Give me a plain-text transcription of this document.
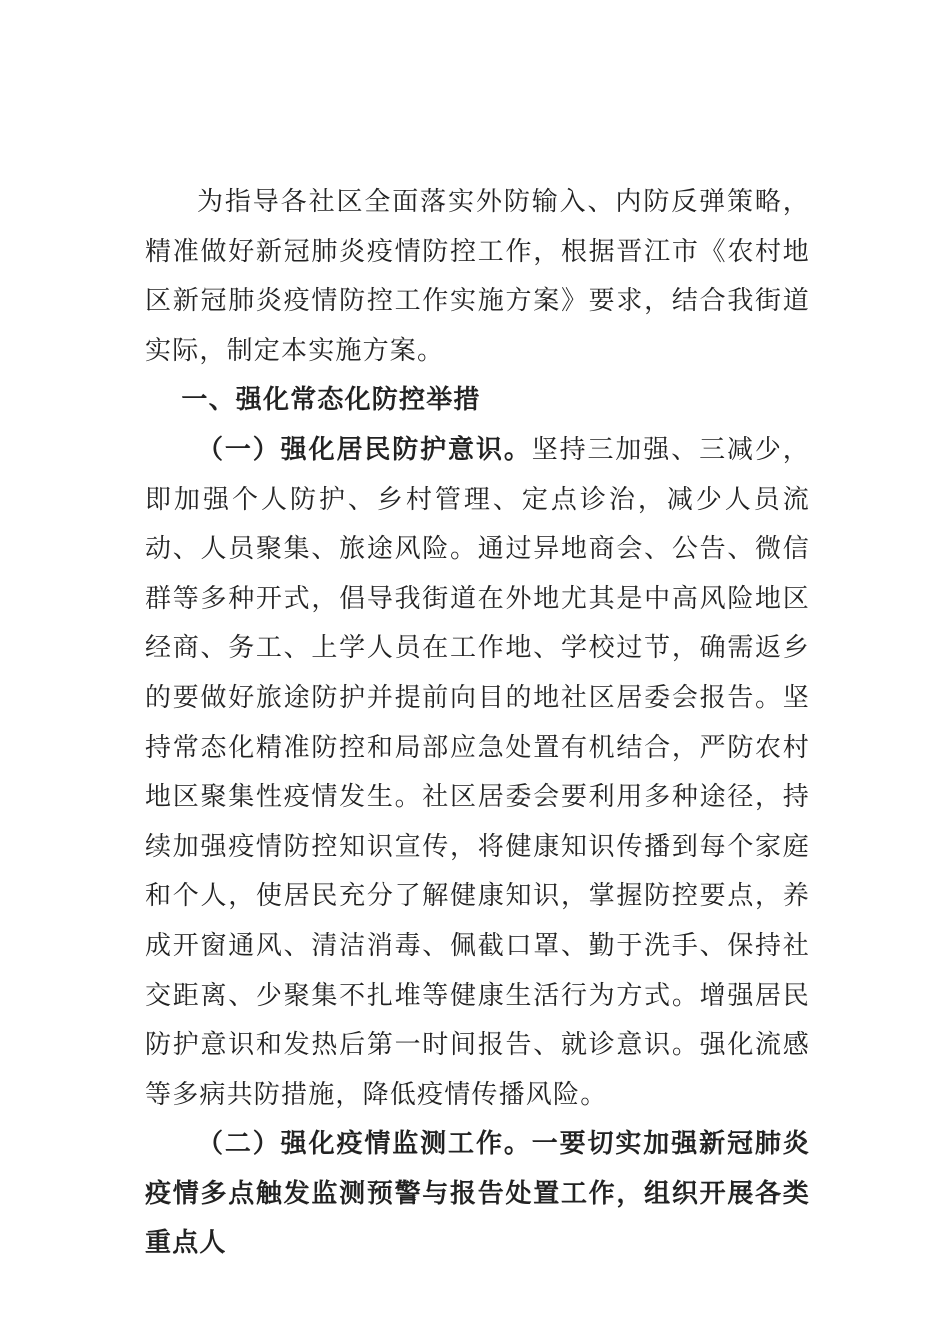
为指导各社区全面落实外防输入、内防反弹策略，精准做好新冠肺炎疫情防控工作，根据晋江市《农村地区新冠肺炎疫情防控工作实施方案》要求，结合我街道实际，制定本实施方案。

一、强化常态化防控举措

（一）强化居民防护意识。坚持三加强、三减少，即加强个人防护、乡村管理、定点诊治，减少人员流动、人员聚集、旅途风险。通过异地商会、公告、微信群等多种开式，倡导我街道在外地尤其是中高风险地区经商、务工、上学人员在工作地、学校过节，确需返乡的要做好旅途防护并提前向目的地社区居委会报告。坚持常态化精准防控和局部应急处置有机结合，严防农村地区聚集性疫情发生。社区居委会要利用多种途径，持续加强疫情防控知识宣传，将健康知识传播到每个家庭和个人，使居民充分了解健康知识，掌握防控要点，养成开窗通风、清洁消毒、佩截口罩、勤于洗手、保持社交距离、少聚集不扎堆等健康生活行为方式。增强居民防护意识和发热后第一时间报告、就诊意识。强化流感等多病共防措施，降低疫情传播风险。

（二）强化疫情监测工作。一要切实加强新冠肺炎疫情多点触发监测预警与报告处置工作，组织开展各类重点人
